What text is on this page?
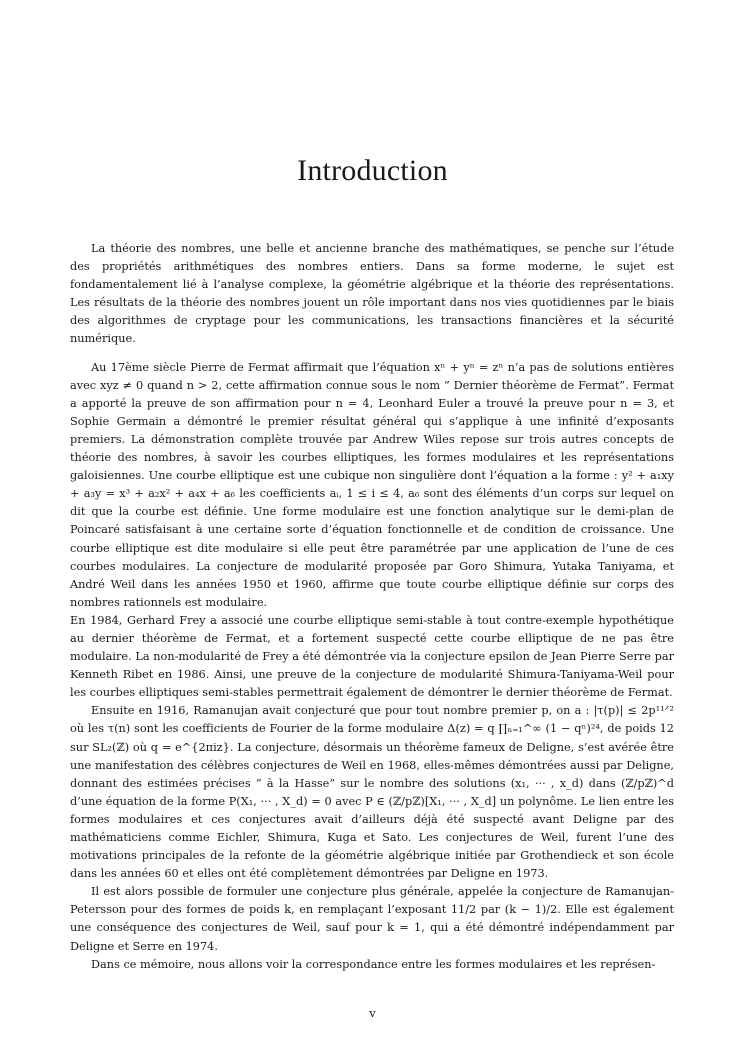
Introduction

La théorie des nombres, une belle et ancienne branche des mathématiques, se penche sur l’étude des propriétés arithmétiques des nombres entiers. Dans sa forme moderne, le sujet est fondamentalement lié à l’analyse complexe, la géométrie algébrique et la théorie des représentations. Les résultats de la théorie des nombres jouent un rôle important dans nos vies quotidiennes par le biais des algorithmes de cryptage pour les communications, les transactions financières et la sécurité numérique.

Au 17ème siècle Pierre de Fermat affirmait que l’équation xⁿ + yⁿ = zⁿ n’a pas de solutions entières avec xyz ≠ 0 quand n > 2, cette affirmation connue sous le nom ” Dernier théorème de Fermat”. Fermat a apporté la preuve de son affirmation pour n = 4, Leonhard Euler a trouvé la preuve pour n = 3, et Sophie Germain a démontré le premier résultat général qui s’applique à une infinité d’exposants premiers. La démonstration complète trouvée par Andrew Wiles repose sur trois autres concepts de théorie des nombres, à savoir les courbes elliptiques, les formes modulaires et les représentations galoisiennes. Une courbe elliptique est une cubique non singulière dont l’équation a la forme : y² + a₁xy + a₃y = x³ + a₂x² + a₄x + a₆ les coefficients aᵢ, 1 ≤ i ≤ 4, a₆ sont des éléments d’un corps sur lequel on dit que la courbe est définie. Une forme modulaire est une fonction analytique sur le demi-plan de Poincaré satisfaisant à une certaine sorte d’équation fonctionnelle et de condition de croissance. Une courbe elliptique est dite modulaire si elle peut être paramétrée par une application de l’une de ces courbes modulaires. La conjecture de modularité proposée par Goro Shimura, Yutaka Taniyama, et André Weil dans les années 1950 et 1960, affirme que toute courbe elliptique définie sur corps des nombres rationnels est modulaire.

En 1984, Gerhard Frey a associé une courbe elliptique semi-stable à tout contre-exemple hypothétique au dernier théorème de Fermat, et a fortement suspecté cette courbe elliptique de ne pas être modulaire. La non-modularité de Frey a été démontrée via la conjecture epsilon de Jean Pierre Serre par Kenneth Ribet en 1986. Ainsi, une preuve de la conjecture de modularité Shimura-Taniyama-Weil pour les courbes elliptiques semi-stables permettrait également de démontrer le dernier théorème de Fermat.

Ensuite en 1916, Ramanujan avait conjecturé que pour tout nombre premier p, on a : |τ(p)| ≤ 2p¹¹ᐟ² où les τ(n) sont les coefficients de Fourier de la forme modulaire Δ(z) = q ∏ₙ₌₁^∞ (1 − qⁿ)²⁴, de poids 12 sur SL₂(ℤ) où q = e^{2πiz}. La conjecture, désormais un théorème fameux de Deligne, s’est avérée être une manifestation des célèbres conjectures de Weil en 1968, elles-mêmes démontrées aussi par Deligne, donnant des estimées précises ” à la Hasse” sur le nombre des solutions (x₁, ··· , x_d) dans (ℤ/pℤ)^d d’une équation de la forme P(X₁, ··· , X_d) = 0 avec P ∈ (ℤ/pℤ)[X₁, ··· , X_d] un polynôme. Le lien entre les formes modulaires et ces conjectures avait d’ailleurs déjà été suspecté avant Deligne par des mathématiciens comme Eichler, Shimura, Kuga et Sato. Les conjectures de Weil, furent l’une des motivations principales de la refonte de la géométrie algébrique initiée par Grothendieck et son école dans les années 60 et elles ont été complètement démontrées par Deligne en 1973.

Il est alors possible de formuler une conjecture plus générale, appelée la conjecture de Ramanujan-Petersson pour des formes de poids k, en remplaçant l’exposant 11/2 par (k − 1)/2. Elle est également une conséquence des conjectures de Weil, sauf pour k = 1, qui a été démontré indépendamment par Deligne et Serre en 1974.

Dans ce mémoire, nous allons voir la correspondance entre les formes modulaires et les représen-

v
